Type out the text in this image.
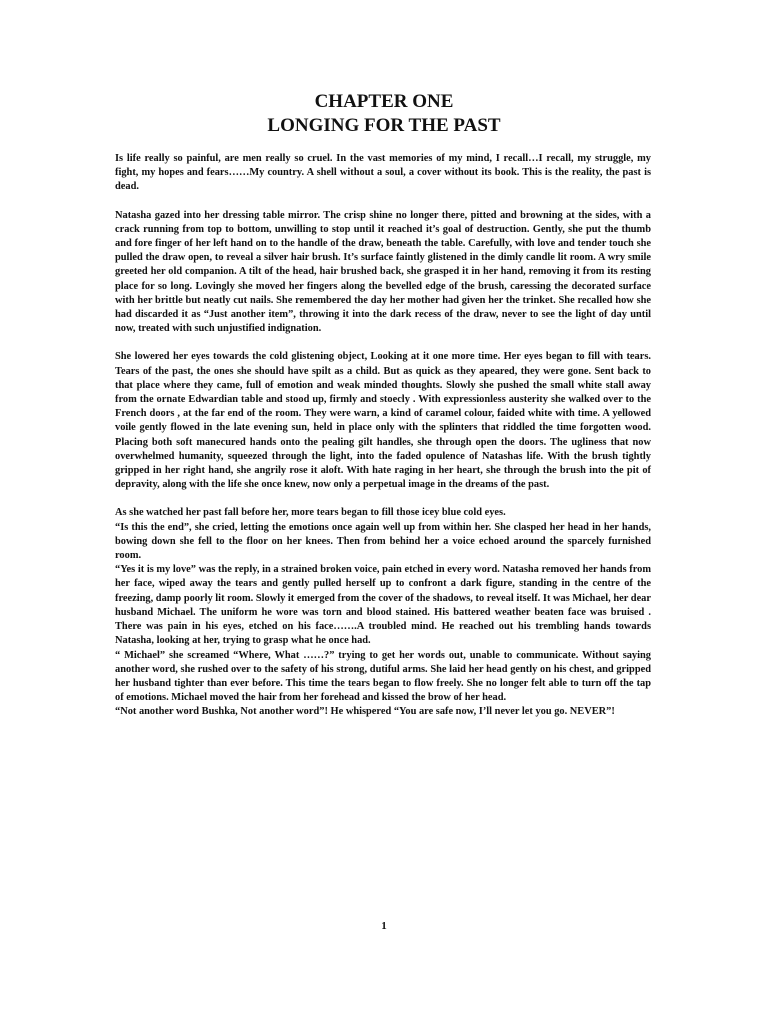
CHAPTER ONE
LONGING FOR THE PAST

Is life really so painful, are men really so cruel. In the vast memories of my mind, I recall…I recall, my struggle, my fight, my hopes and fears……My country. A shell without a soul, a cover without its book. This is the reality, the past is dead.

Natasha gazed into her dressing table mirror. The crisp shine no longer there, pitted and browning at the sides, with a crack running from top to bottom, unwilling to stop until it reached it’s goal of destruction. Gently, she put the thumb and fore finger of her left hand on to the handle of the draw, beneath the table. Carefully, with love and tender touch she pulled the draw open, to reveal a silver hair brush. It’s surface faintly glistened in the dimly candle lit room. A wry smile greeted her old companion. A tilt of the head, hair brushed back, she grasped it in her hand, removing it from its resting place for so long. Lovingly she moved her fingers along the bevelled edge of the brush, caressing the decorated surface with her brittle but neatly cut nails. She remembered the day her mother had given her the trinket. She recalled how she had discarded it as “Just another item”, throwing it into the dark recess of the draw, never to see the light of day until now, treated with such unjustified indignation.

She lowered her eyes towards the cold glistening object, Looking at it one more time. Her eyes began to fill with tears. Tears of the past, the ones she should have spilt as a child. But as quick as they apeared, they were gone. Sent back to that place where they came, full of emotion and weak minded thoughts. Slowly she pushed the small white stall away from the ornate Edwardian table and stood up, firmly and stoecly . With expressionless austerity she walked over to the French doors , at the far end of the room. They were warn, a kind of caramel colour, faided white with time. A yellowed voile gently flowed in the late evening sun, held in place only with the splinters that riddled the time forgotten wood. Placing both soft manecured hands onto the pealing gilt handles, she through open the doors. The ugliness that now overwhelmed humanity, squeezed through the light, into the faded opulence of Natashas life. With the brush tightly gripped in her right hand, she angrily rose it aloft. With hate raging in her heart, she through the brush into the pit of depravity, along with the life she once knew, now only a perpetual image in the dreams of the past.

As she watched her past fall before her, more tears began to fill those icey blue cold eyes.

“Is this the end”, she cried, letting the emotions once again well up from within her. She clasped her head in her hands, bowing down she fell to the floor on her knees. Then from behind her a voice echoed around the sparcely furnished room.

“Yes it is my love” was the reply, in a strained broken voice, pain etched in every word. Natasha removed her hands from her face, wiped away the tears and gently pulled herself up to confront a dark figure, standing in the centre of the freezing, damp poorly lit room. Slowly it emerged from the cover of the shadows, to reveal itself. It was Michael, her dear husband Michael. The uniform he wore was torn and blood stained. His battered weather beaten face was bruised . There was pain in his eyes, etched on his face…….A troubled mind. He reached out his trembling hands towards Natasha, looking at her, trying to grasp what he once had.

“ Michael” she screamed “Where, What ……?” trying to get her words out, unable to communicate. Without saying another word, she rushed over to the safety of his strong, dutiful arms. She laid her head gently on his chest, and gripped her husband tighter than ever before. This time the tears began to flow freely. She no longer felt able to turn off the tap of emotions. Michael moved the hair from her forehead and kissed the brow of her head.

“Not another word Bushka, Not another word”! He whispered “You are safe now, I’ll never let you go. NEVER”!

1
